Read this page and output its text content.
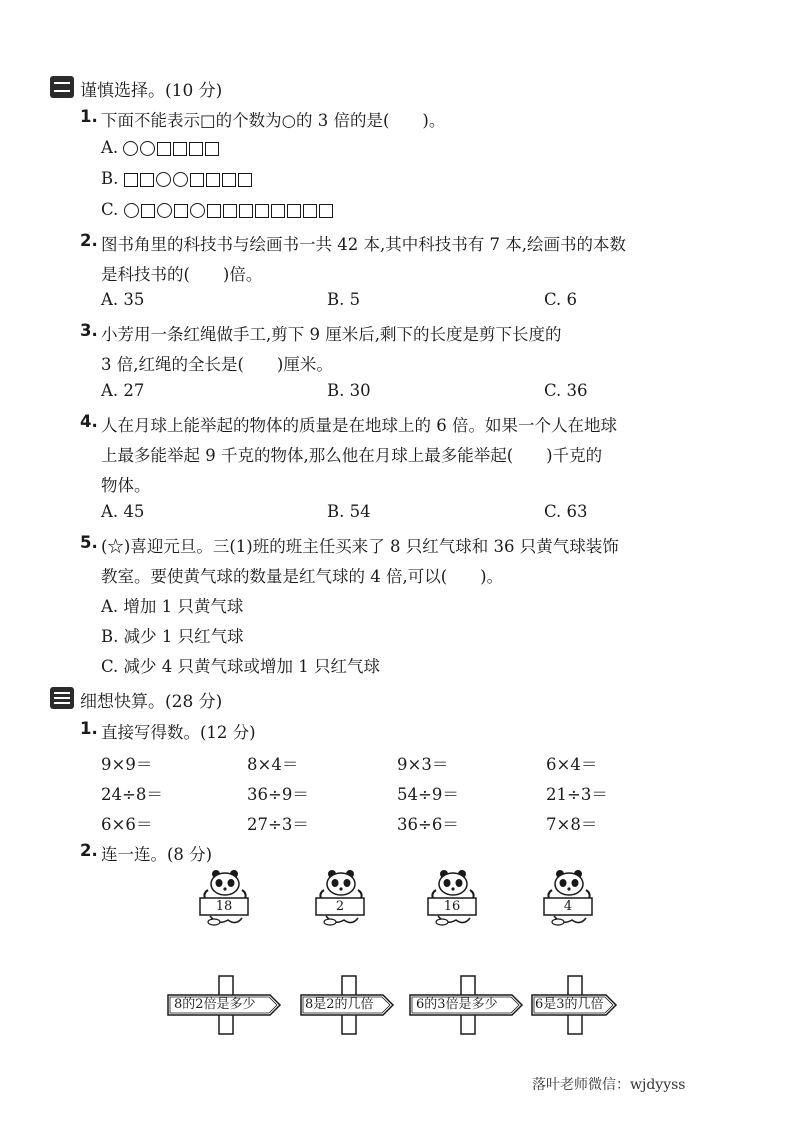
谨慎选择。(10 分)
1. 下面不能表示□的个数为○的 3 倍的是(　　)。
A.
B.
C.
2. 图书角里的科技书与绘画书一共 42 本,其中科技书有 7 本,绘画书的本数
是科技书的(　　)倍。
A. 35	B. 5	C. 6
3. 小芳用一条红绳做手工,剪下 9 厘米后,剩下的长度是剪下长度的
3 倍,红绳的全长是(　　)厘米。
A. 27	B. 30	C. 36
4. 人在月球上能举起的物体的质量是在地球上的 6 倍。如果一个人在地球
上最多能举起 9 千克的物体,那么他在月球上最多能举起(　　)千克的
物体。
A. 45	B. 54	C. 63
5. (☆)喜迎元旦。三(1)班的班主任买来了 8 只红气球和 36 只黄气球装饰
教室。要使黄气球的数量是红气球的 4 倍,可以(　　)。
A. 增加 1 只黄气球
B. 减少 1 只红气球
C. 减少 4 只黄气球或增加 1 只红气球
细想快算。(28 分)
1. 直接写得数。(12 分)
9×9＝	8×4＝	9×3＝	6×4＝
24÷8＝	36÷9＝	54÷9＝	21÷3＝
6×6＝	27÷3＝	36÷6＝	7×8＝
2. 连一连。(8 分)
18	2	16	4
8的2倍是多少	8是2的几倍	6的3倍是多少	6是3的几倍
落叶老师微信：wjdyyss
